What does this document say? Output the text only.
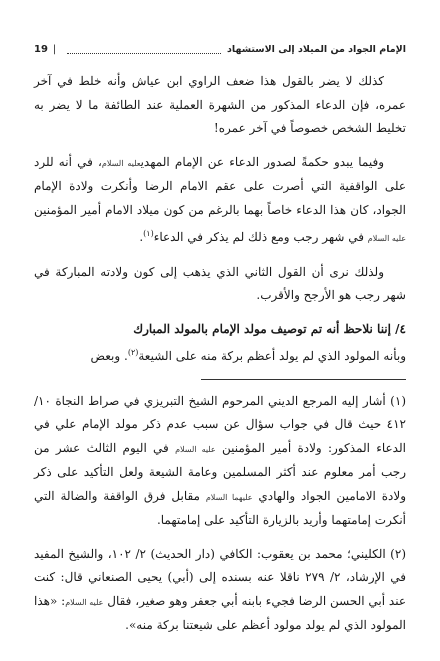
الإمام الجواد من الميلاد إلى الاستشهاد
|
19

كذلك لا يضر بالقول هذا ضعف الراوي ابن عياش وأنه خلط في آخر عمره، فإن الدعاء المذكور من الشهرة العملية عند الطائفة ما لا يضر به تخليط الشخص خصوصاً في آخر عمره!

وفيما يبدو حكمةً لصدور الدعاء عن الإمام المهديعليه السلام، في أنه للرد على الواقفية التي أصرت على عقم الامام الرضا وأنكرت ولادة الإمام الجواد، كان هذا الدعاء خاصاً بهما بالرغم من كون ميلاد الامام أمير المؤمنين عليه السلام في شهر رجب ومع ذلك لم يذكر في الدعاء$^{(١)}$.

ولذلك نرى أن القول الثاني الذي يذهب إلى كون ولادته المباركة في شهر رجب هو الأرجح والأقرب.

٤/ إننا نلاحظ أنه تم توصيف مولد الإمام بالمولد المبارك

وبأنه المولود الذي لم يولد أعظم بركة منه على الشيعة$^{(٢)}$. وبعض

(١) أشار إليه المرجع الديني المرحوم الشيخ التبريزي في صراط النجاة ١٠/ ٤١٢ حيث قال في جواب سؤال عن سبب عدم ذكر مولد الإمام علي في الدعاء المذكور: ولادة أمير المؤمنين عليه السلام في اليوم الثالث عشر من رجب أمر معلوم عند أكثر المسلمين وعامة الشيعة ولعل التأكيد على ذكر ولادة الامامين الجواد والهادي عليهما السلام مقابل فرق الواقفة والضالة التي أنكرت إمامتهما وأريد بالزيارة التأكيد على إمامتهما.

(٢) الكليني؛ محمد بن يعقوب: الكافي (دار الحديث) ٢/ ١٠٢، والشيخ المفيد في الإرشاد، ٢/ ٢٧٩ ناقلا عنه بسنده إلى (أبي) يحيى الصنعاني قال: كنت عند أبي الحسن الرضا فجيء بابنه أبي جعفر وهو صغير، فقال عليه السلام: «هذا المولود الذي لم يولد مولود أعظم على شيعتنا بركة منه».
